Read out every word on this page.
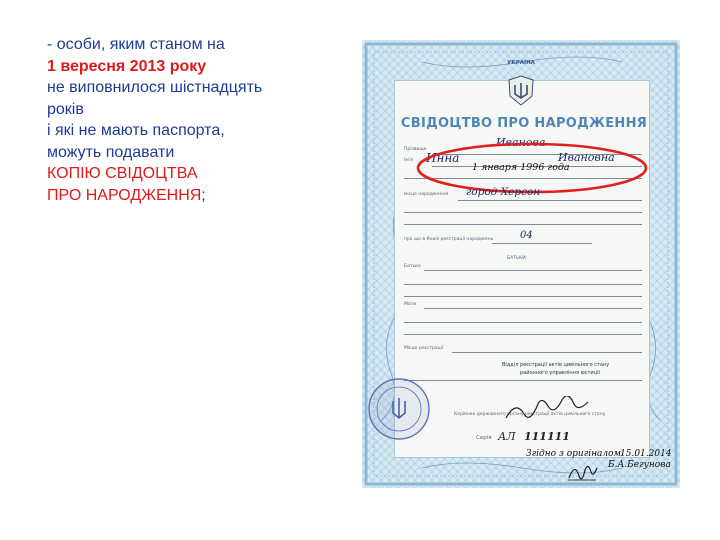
- особи, яким станом на
1 вересня 2013 року
не виповнилося шістнадцять
років
і які не мають паспорта,
можуть подавати
КОПІЮ СВІДОЦТВА
ПРО НАРОДЖЕННЯ;
УКРАЇНА
СВІДОЦТВО ПРО НАРОДЖЕННЯ
Прізвище
Ім'я
Иванова
Инна	Ивановна
1 января 1996 года
місце народження город Херсон
про що в Книзі реєстрації народжень	04
БАТЬКИ:
Батько
Мати
Місце реєстрації
Відділ реєстрації актів цивільного стану
районного управління юстиції
Керівник державного органу реєстрації актів цивільного стану
Серія АЛ 111111
Згідно з оригіналом
15.01.2014
Б.А.Бегунова
